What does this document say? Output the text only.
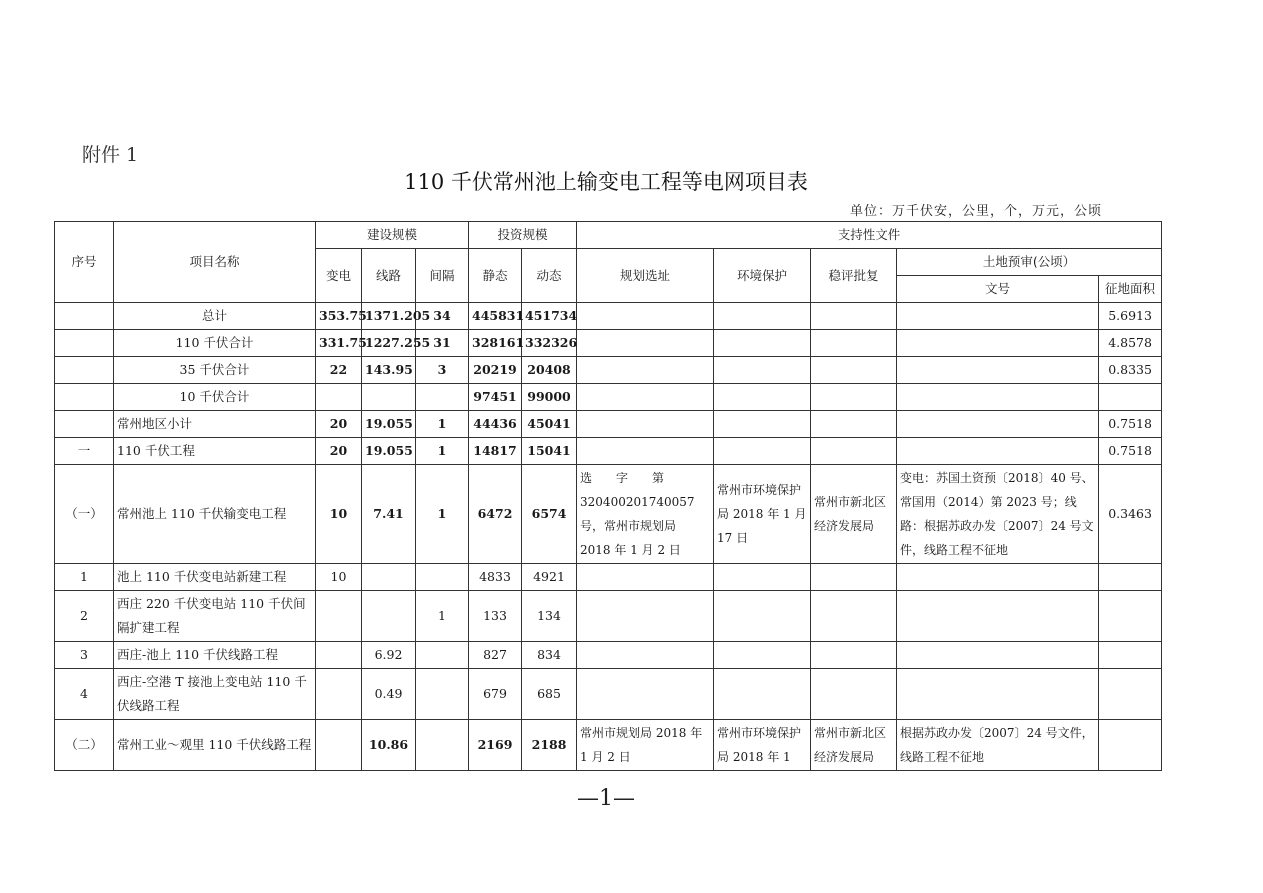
附件 1
110 千伏常州池上输变电工程等电网项目表
单位：万千伏安，公里，个，万元，公顷
序号	项目名称	建设规模			投资规模		支持性文件				
		变电	线路	间隔	静态	动态	规划选址	环境保护	稳评批复	土地预审(公顷）	
										文号	征地面积
	总计	353.75	1371.205	34	445831	451734					5.6913
	110 千伏合计	331.75	1227.255	31	328161	332326					4.8578
	35 千伏合计	22	143.95	3	20219	20408					0.8335
	10 千伏合计				97451	99000					
	常州地区小计	20	19.055	1	44436	45041					0.7518
一	110 千伏工程	20	19.055	1	14817	15041					0.7518
（一）	常州池上 110 千伏输变电工程	10	7.41	1	6472	6574	选　　字　　第 320400201740057 号，常州市规划局 2018 年 1 月 2 日	常州市环境保护局 2018 年 1 月 17 日	常州市新北区经济发展局	变电：苏国土资预〔2018〕40 号、常国用（2014）第 2023 号；线路：根据苏政办发〔2007〕24 号文件，线路工程不征地	0.3463
1	池上 110 千伏变电站新建工程	10			4833	4921					
2	西庄 220 千伏变电站 110 千伏间隔扩建工程			1	133	134					
3	西庄-池上 110 千伏线路工程		6.92		827	834					
4	西庄-空港 T 接池上变电站 110 千伏线路工程		0.49		679	685					
（二）	常州工业～观里 110 千伏线路工程		10.86		2169	2188	常州市规划局 2018 年 1 月 2 日	常州市环境保护局 2018 年 1	常州市新北区经济发展局	根据苏政办发〔2007〕24 号文件，线路工程不征地	
—1—
